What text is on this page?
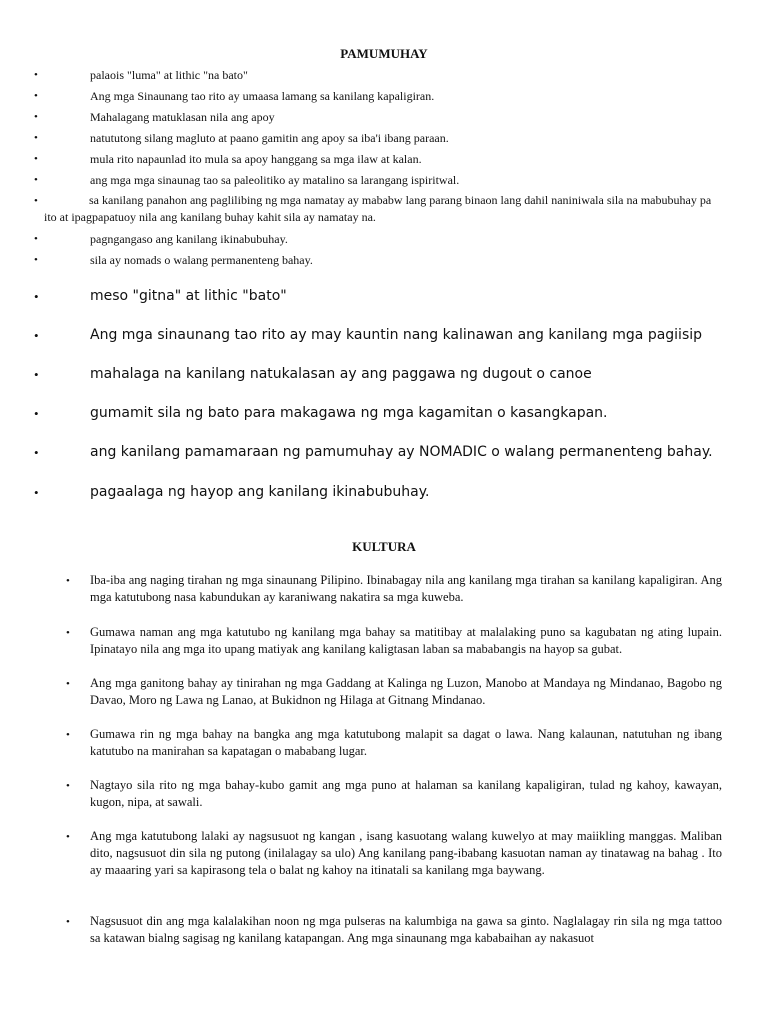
PAMUMUHAY
•	palaois "luma" at lithic "na bato"
•	Ang mga Sinaunang tao rito ay umaasa lamang sa kanilang kapaligiran.
•	Mahalagang matuklasan nila ang apoy
•	natututong silang magluto at paano gamitin ang apoy sa iba'i ibang paraan.
•	mula rito napaunlad ito mula sa apoy hanggang sa mga ilaw at kalan.
•	ang mga mga sinaunag tao sa paleolitiko ay matalino sa larangang ispiritwal.
•	sa kanilang panahon ang paglilibing ng mga namatay ay mababw lang parang binaon lang dahil naniniwala sila na mabubuhay pa ito at ipagpapatuoy nila ang kanilang buhay kahit sila ay namatay na.
•	pagngangaso ang kanilang ikinabubuhay.
•	sila ay nomads o walang permanenteng bahay.
•	meso "gitna" at lithic "bato"
•	Ang mga sinaunang tao rito ay may kauntin nang kalinawan ang kanilang mga pagiisip
•	mahalaga na kanilang natukalasan ay ang paggawa ng dugout o canoe
•	gumamit sila ng bato para makagawa ng mga kagamitan o kasangkapan.
•	ang kanilang pamamaraan ng pamumuhay ay NOMADIC o walang permanenteng bahay.
•	pagaalaga ng hayop ang kanilang ikinabubuhay.
KULTURA
• Iba-iba ang naging tirahan ng mga sinaunang Pilipino. Ibinabagay nila ang kanilang mga tirahan sa kanilang kapaligiran. Ang mga katutubong nasa kabundukan ay karaniwang nakatira sa mga kuweba.
• Gumawa naman ang mga katutubo ng kanilang mga bahay sa matitibay at malalaking puno sa kagubatan ng ating lupain. Ipinatayo nila ang mga ito upang matiyak ang kanilang kaligtasan laban sa mababangis na hayop sa gubat.
• Ang mga ganitong bahay ay tinirahan ng mga Gaddang at Kalinga ng Luzon, Manobo at Mandaya ng Mindanao, Bagobo ng Davao, Moro ng Lawa ng Lanao, at Bukidnon ng Hilaga at Gitnang Mindanao.
• Gumawa rin ng mga bahay na bangka ang mga katutubong malapit sa dagat o lawa. Nang kalaunan, natutuhan ng ibang katutubo na manirahan sa kapatagan o mababang lugar.
• Nagtayo sila rito ng mga bahay-kubo gamit ang mga puno at halaman sa kanilang kapaligiran, tulad ng kahoy, kawayan, kugon, nipa, at sawali.
• Ang mga katutubong lalaki ay nagsusuot ng kangan , isang kasuotang walang kuwelyo at may maiikling manggas. Maliban dito, nagsusuot din sila ng putong (inilalagay sa ulo) Ang kanilang pang-ibabang kasuotan naman ay tinatawag na bahag . Ito ay maaaring yari sa kapirasong tela o balat ng kahoy na itinatali sa kanilang mga baywang.
• Nagsusuot din ang mga kalalakihan noon ng mga pulseras na kalumbiga na gawa sa ginto. Naglalagay rin sila ng mga tattoo sa katawan bialng sagisag ng kanilang katapangan. Ang mga sinaunang mga kababaihan ay nakasuot
